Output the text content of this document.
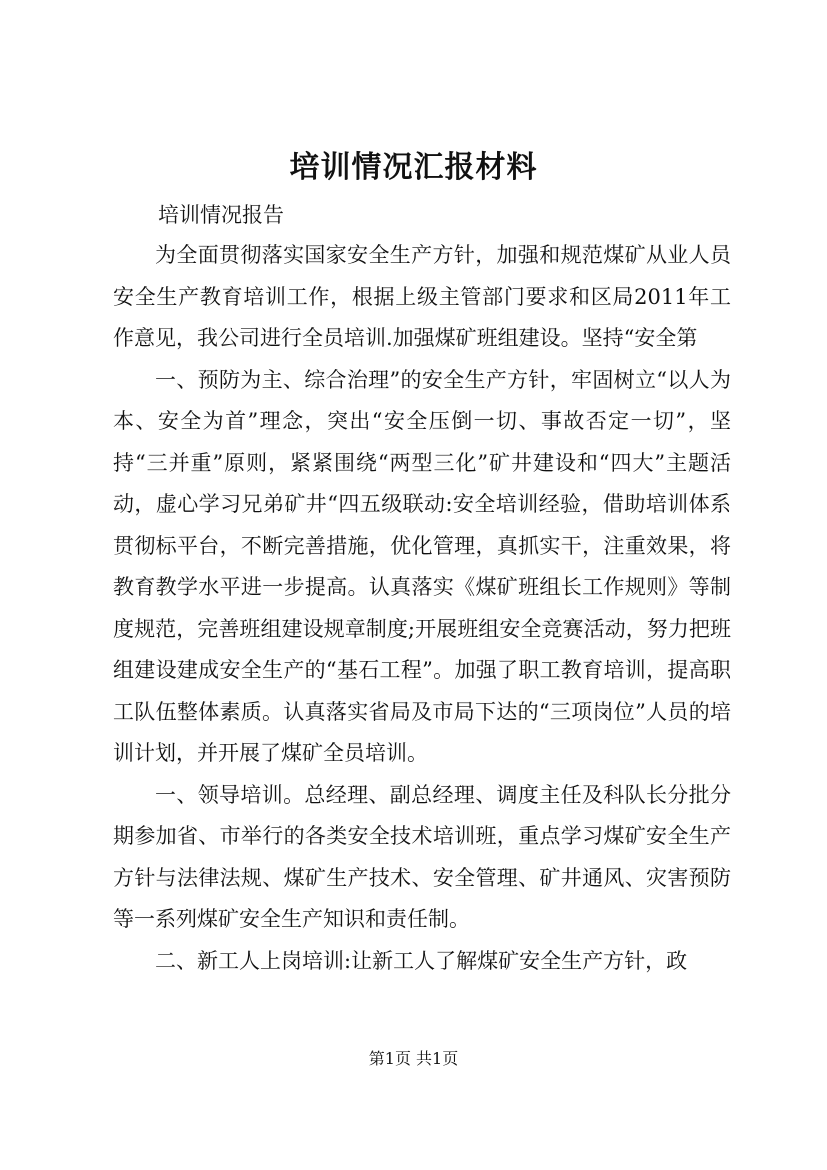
培训情况汇报材料
培训情况报告

为全面贯彻落实国家安全生产方针，加强和规范煤矿从业人员安全生产教育培训工作，根据上级主管部门要求和区局2011年工作意见，我公司进行全员培训.加强煤矿班组建设。坚持“安全第

一、预防为主、综合治理”的安全生产方针，牢固树立“以人为本、安全为首”理念，突出“安全压倒一切、事故否定一切”，坚持“三并重”原则，紧紧围绕“两型三化”矿井建设和“四大”主题活动，虚心学习兄弟矿井“四五级联动:安全培训经验，借助培训体系贯彻标平台，不断完善措施，优化管理，真抓实干，注重效果，将教育教学水平进一步提高。认真落实《煤矿班组长工作规则》等制度规范，完善班组建设规章制度;开展班组安全竞赛活动，努力把班组建设建成安全生产的“基石工程”。加强了职工教育培训，提高职工队伍整体素质。认真落实省局及市局下达的“三项岗位”人员的培训计划，并开展了煤矿全员培训。

一、领导培训。总经理、副总经理、调度主任及科队长分批分期参加省、市举行的各类安全技术培训班，重点学习煤矿安全生产方针与法律法规、煤矿生产技术、安全管理、矿井通风、灾害预防等一系列煤矿安全生产知识和责任制。

二、新工人上岗培训:让新工人了解煤矿安全生产方针，政

第1页 共1页
